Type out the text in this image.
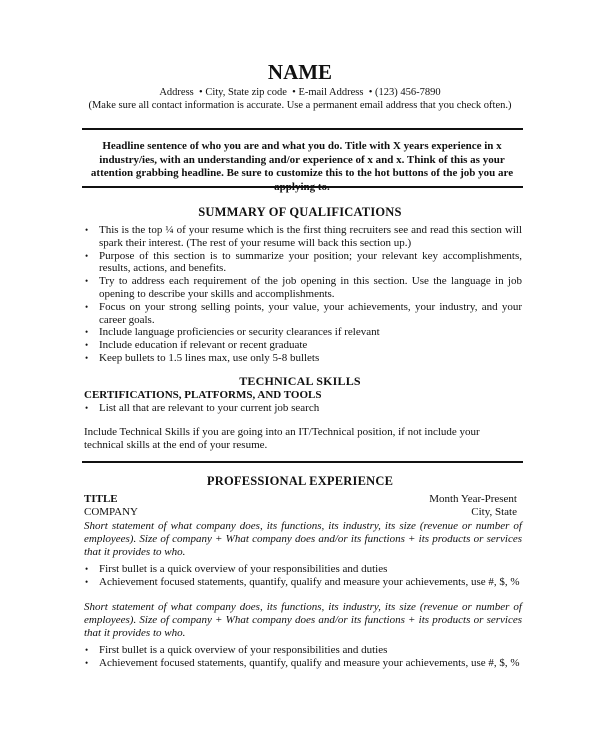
NAME
Address • City, State zip code • E-mail Address • (123) 456-7890
(Make sure all contact information is accurate. Use a permanent email address that you check often.)
Headline sentence of who you are and what you do. Title with X years experience in x industry/ies, with an understanding and/or experience of x and x. Think of this as your attention grabbing headline. Be sure to customize this to the hot buttons of the job you are applying to.
SUMMARY OF QUALIFICATIONS
• This is the top ¼ of your resume which is the first thing recruiters see and read this section will spark their interest. (The rest of your resume will back this section up.)
• Purpose of this section is to summarize your position; your relevant key accomplishments, results, actions, and benefits.
• Try to address each requirement of the job opening in this section. Use the language in job opening to describe your skills and accomplishments.
• Focus on your strong selling points, your value, your achievements, your industry, and your career goals.
• Include language proficiencies or security clearances if relevant
• Include education if relevant or recent graduate
• Keep bullets to 1.5 lines max, use only 5-8 bullets
TECHNICAL SKILLS
CERTIFICATIONS, PLATFORMS, AND TOOLS
• List all that are relevant to your current job search
Include Technical Skills if you are going into an IT/Technical position, if not include your technical skills at the end of your resume.
PROFESSIONAL EXPERIENCE
TITLE
COMPANY
Month Year-Present
City, State
Short statement of what company does, its functions, its industry, its size (revenue or number of employees). Size of company + What company does and/or its functions + its products or services that it provides to who.
• First bullet is a quick overview of your responsibilities and duties
• Achievement focused statements, quantify, qualify and measure your achievements, use #, $, %
Short statement of what company does, its functions, its industry, its size (revenue or number of employees). Size of company + What company does and/or its functions + its products or services that it provides to who.
• First bullet is a quick overview of your responsibilities and duties
• Achievement focused statements, quantify, qualify and measure your achievements, use #, $, %
